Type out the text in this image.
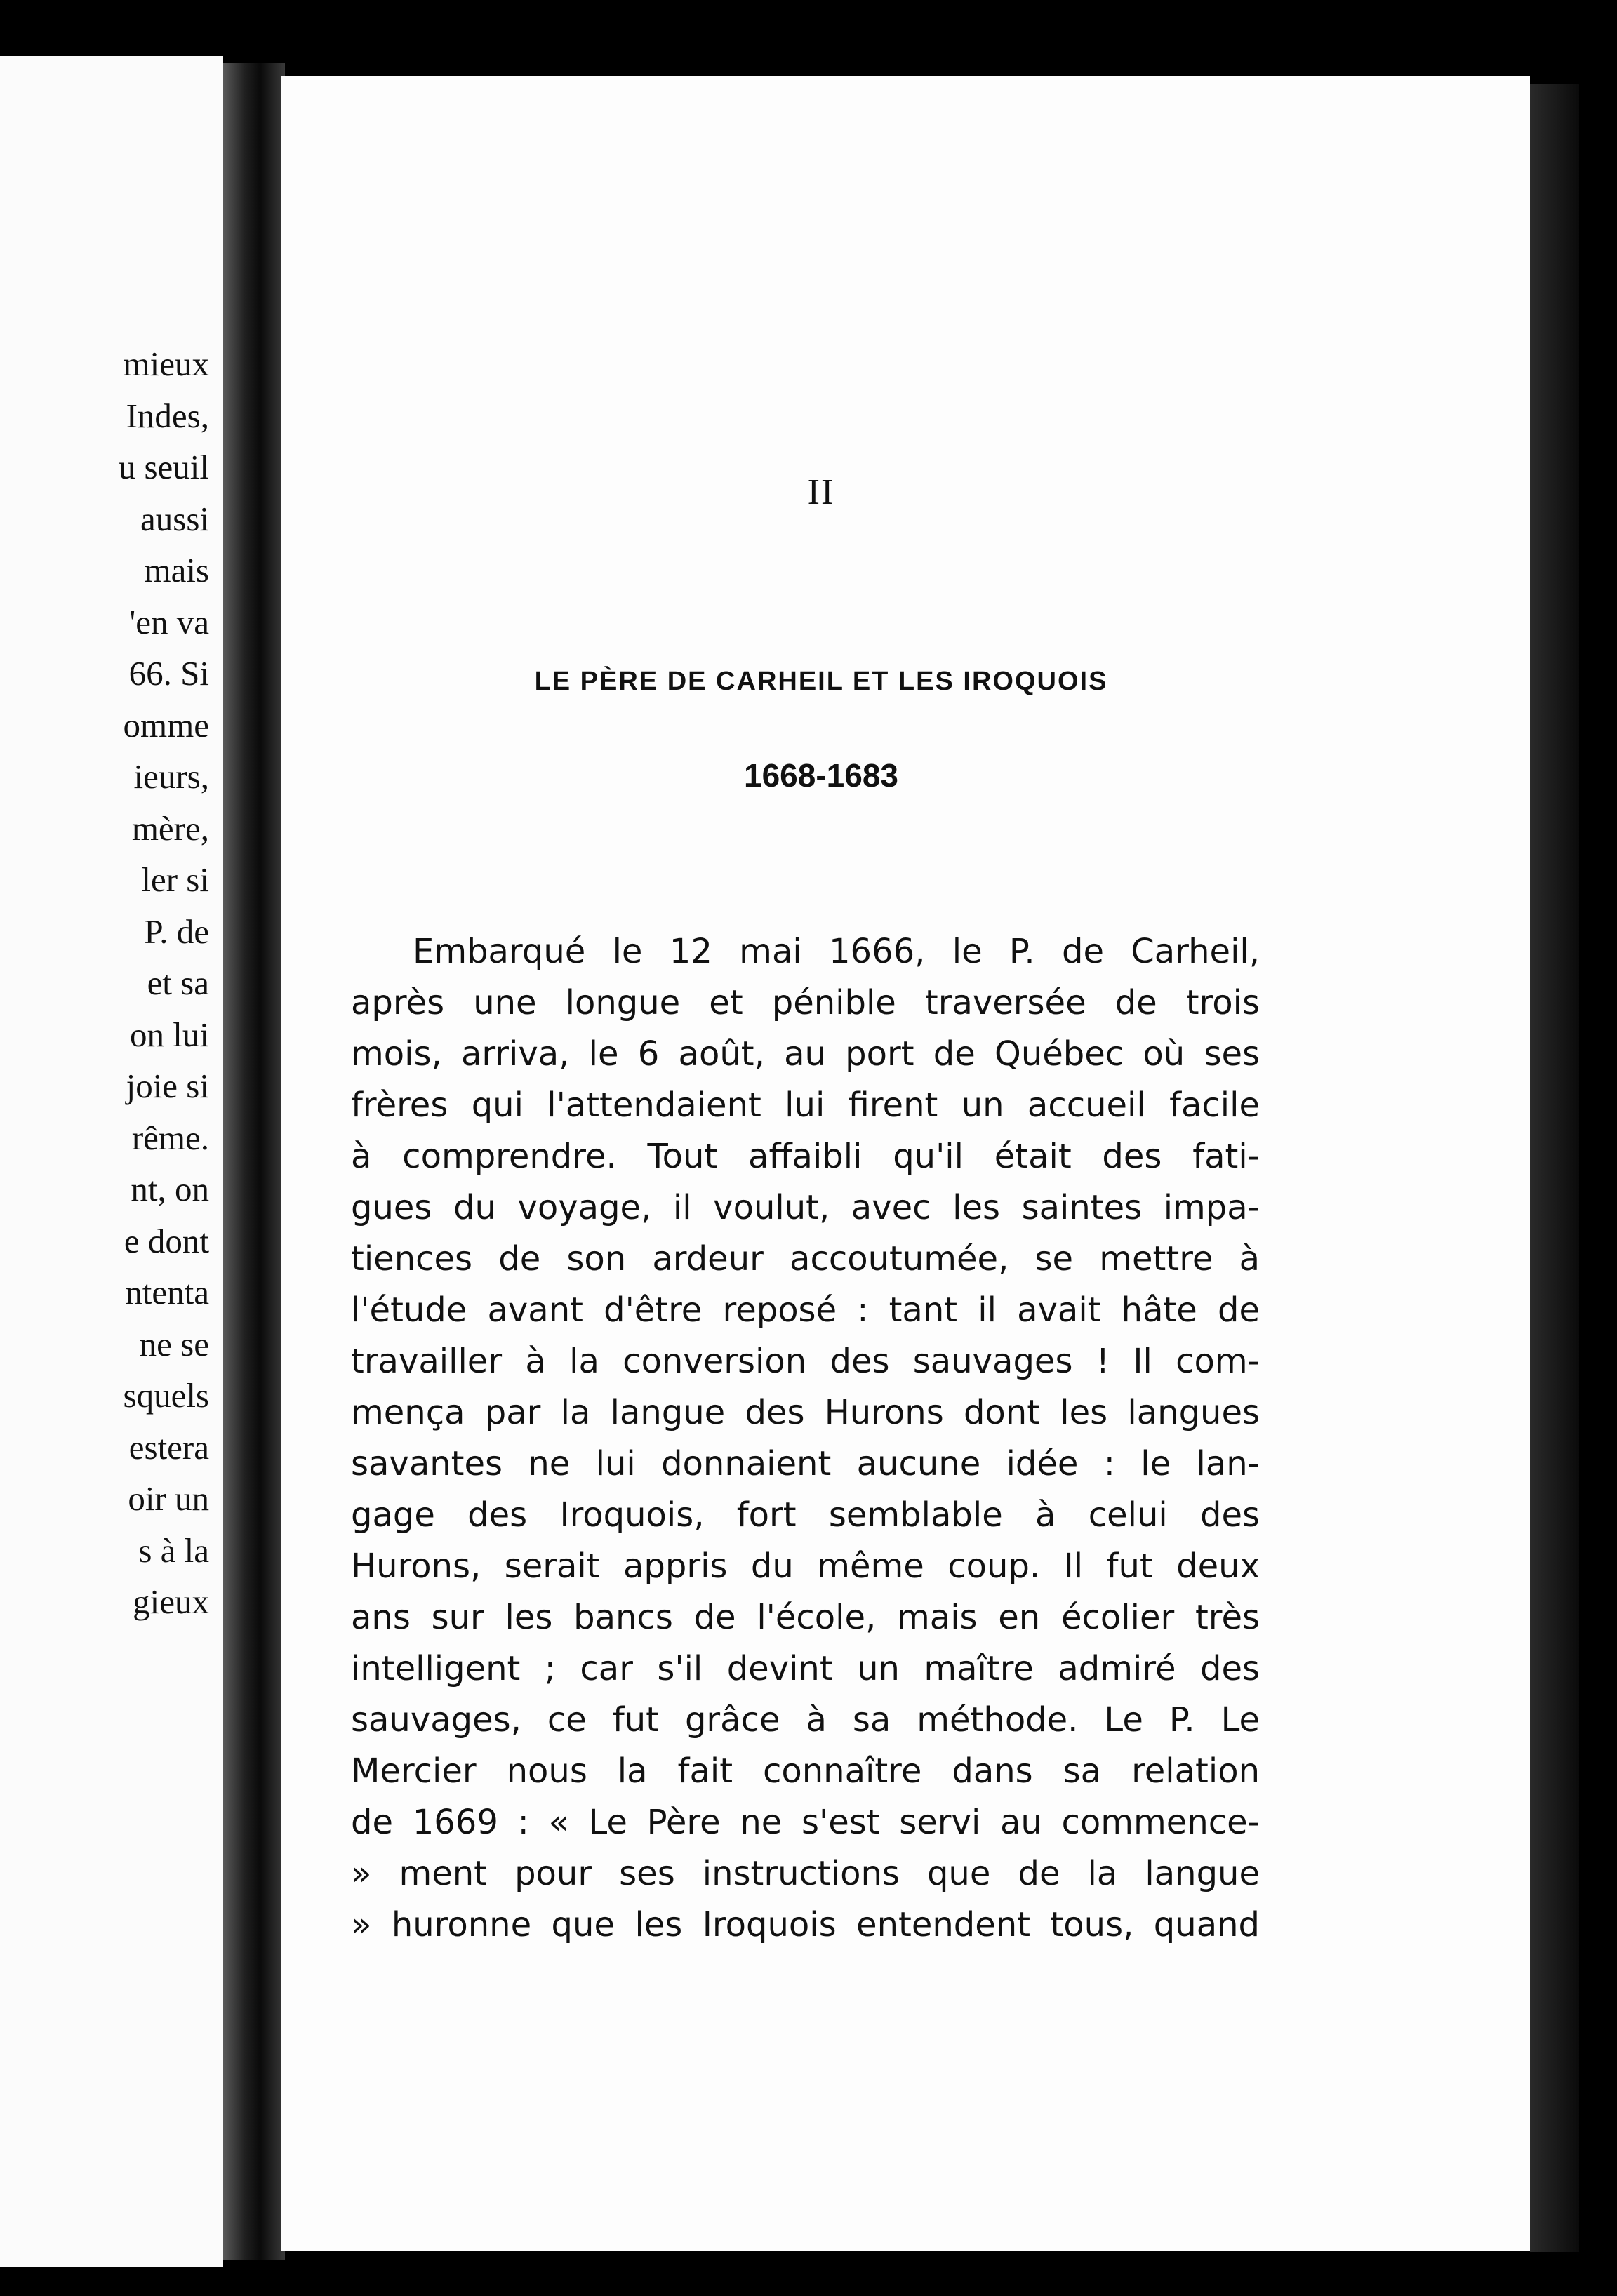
mieux
Indes,
u seuil
aussi
mais
'en va
66. Si
omme
ieurs,
mère,
ler si
P. de
et sa
on lui
joie si
rême.
nt, on
e dont
ntenta
ne se
squels
estera
oir un
s à la
gieux
II
LE PÈRE DE CARHEIL ET LES IROQUOIS
1668-1683
Embarqué le 12 mai 1666, le P. de Carheil,
après une longue et pénible traversée de trois
mois, arriva, le 6 août, au port de Québec où ses
frères qui l'attendaient lui firent un accueil facile
à comprendre. Tout affaibli qu'il était des fati-
gues du voyage, il voulut, avec les saintes impa-
tiences de son ardeur accoutumée, se mettre à
l'étude avant d'être reposé : tant il avait hâte de
travailler à la conversion des sauvages ! Il com-
mença par la langue des Hurons dont les langues
savantes ne lui donnaient aucune idée : le lan-
gage des Iroquois, fort semblable à celui des
Hurons, serait appris du même coup. Il fut deux
ans sur les bancs de l'école, mais en écolier très
intelligent ; car s'il devint un maître admiré des
sauvages, ce fut grâce à sa méthode. Le P. Le
Mercier nous la fait connaître dans sa relation
de 1669 : « Le Père ne s'est servi au commence-
» ment pour ses instructions que de la langue
» huronne que les Iroquois entendent tous, quand
